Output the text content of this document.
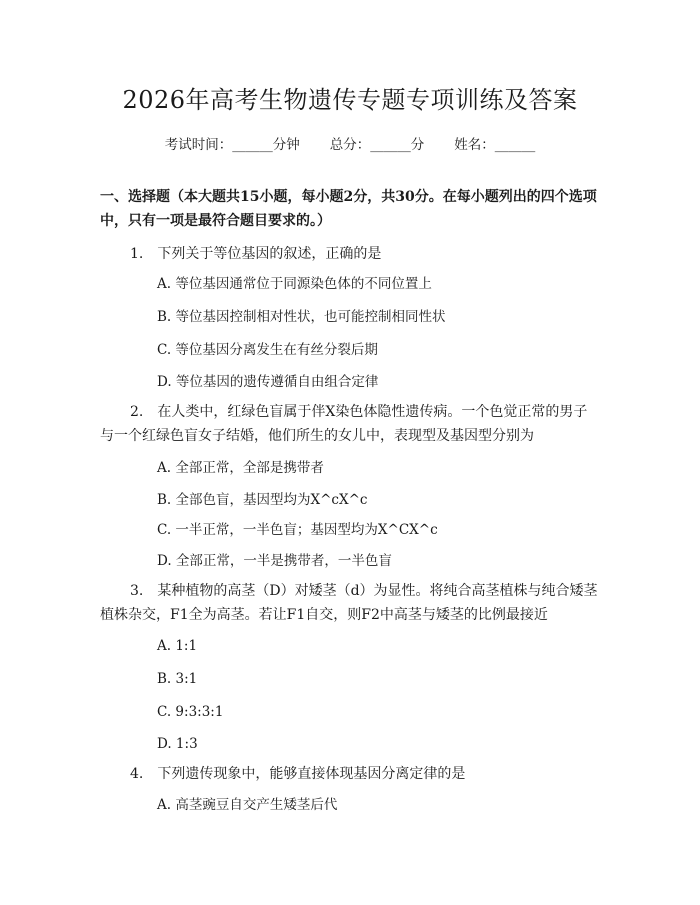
2026年高考生物遗传专题专项训练及答案
考试时间：______分钟 总分：______分 姓名：______
一、选择题（本大题共15小题，每小题2分，共30分。在每小题列出的四个选项中，只有一项是最符合题目要求的。）
1.　下列关于等位基因的叙述，正确的是
A. 等位基因通常位于同源染色体的不同位置上
B. 等位基因控制相对性状，也可能控制相同性状
C. 等位基因分离发生在有丝分裂后期
D. 等位基因的遗传遵循自由组合定律
2.　在人类中，红绿色盲属于伴X染色体隐性遗传病。一个色觉正常的男子与一个红绿色盲女子结婚，他们所生的女儿中，表现型及基因型分别为
A. 全部正常，全部是携带者
B. 全部色盲，基因型均为X^cX^c
C. 一半正常，一半色盲；基因型均为X^CX^c
D. 全部正常，一半是携带者，一半色盲
3.　某种植物的高茎（D）对矮茎（d）为显性。将纯合高茎植株与纯合矮茎植株杂交，F1全为高茎。若让F1自交，则F2中高茎与矮茎的比例最接近
A. 1:1
B. 3:1
C. 9:3:3:1
D. 1:3
4.　下列遗传现象中，能够直接体现基因分离定律的是
A. 高茎豌豆自交产生矮茎后代
